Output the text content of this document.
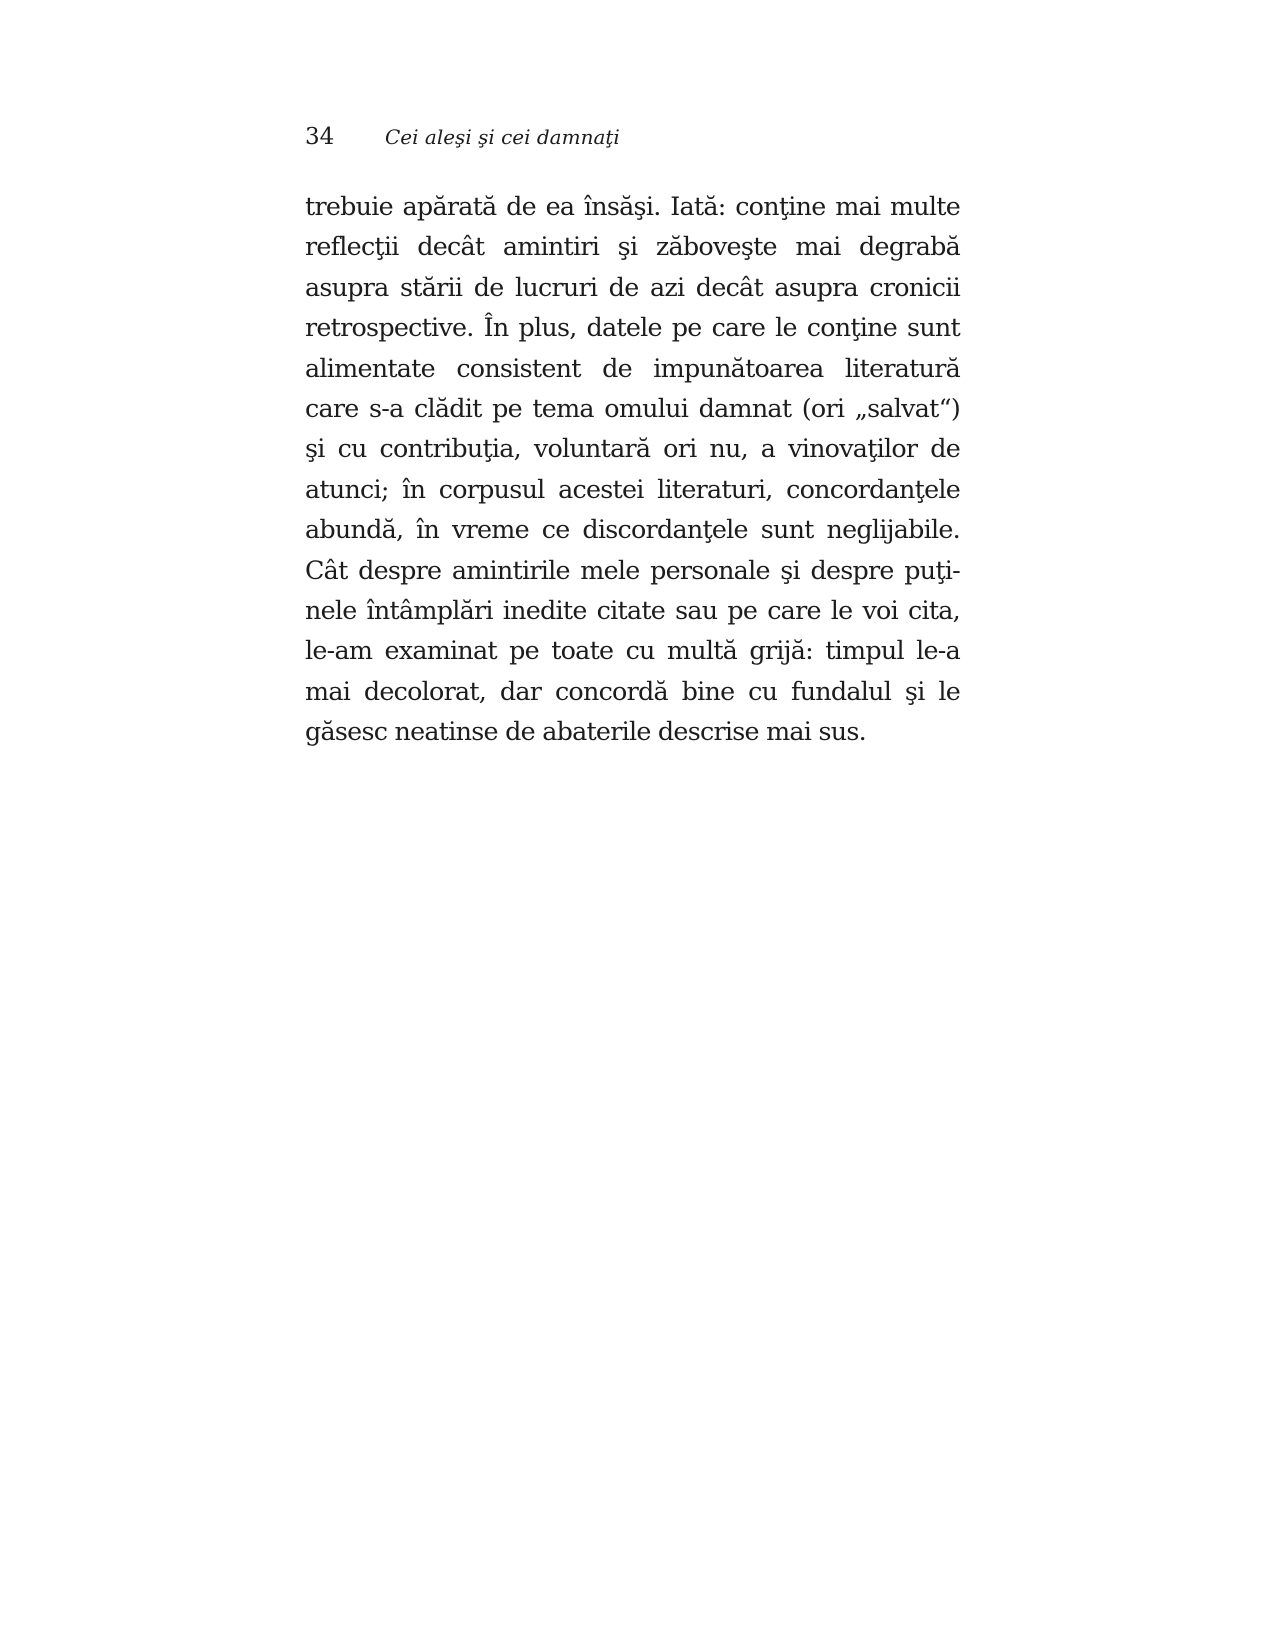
34	Cei aleşi şi cei damnaţi
trebuie apărată de ea însăşi. Iată: conţine mai multe
reflecţii decât amintiri şi zăboveşte mai degrabă
asupra stării de lucruri de azi decât asupra cronicii
retrospective. În plus, datele pe care le conţine sunt
alimentate consistent de impunătoarea literatură
care s-a clădit pe tema omului damnat (ori „salvat“)
şi cu contribuţia, voluntară ori nu, a vinovaţilor de
atunci; în corpusul acestei literaturi, concordanţele
abundă, în vreme ce discordanţele sunt neglijabile.
Cât despre amintirile mele personale şi despre puţi-
nele întâmplări inedite citate sau pe care le voi cita,
le-am examinat pe toate cu multă grijă: timpul le-a
mai decolorat, dar concordă bine cu fundalul şi le
găsesc neatinse de abaterile descrise mai sus.
